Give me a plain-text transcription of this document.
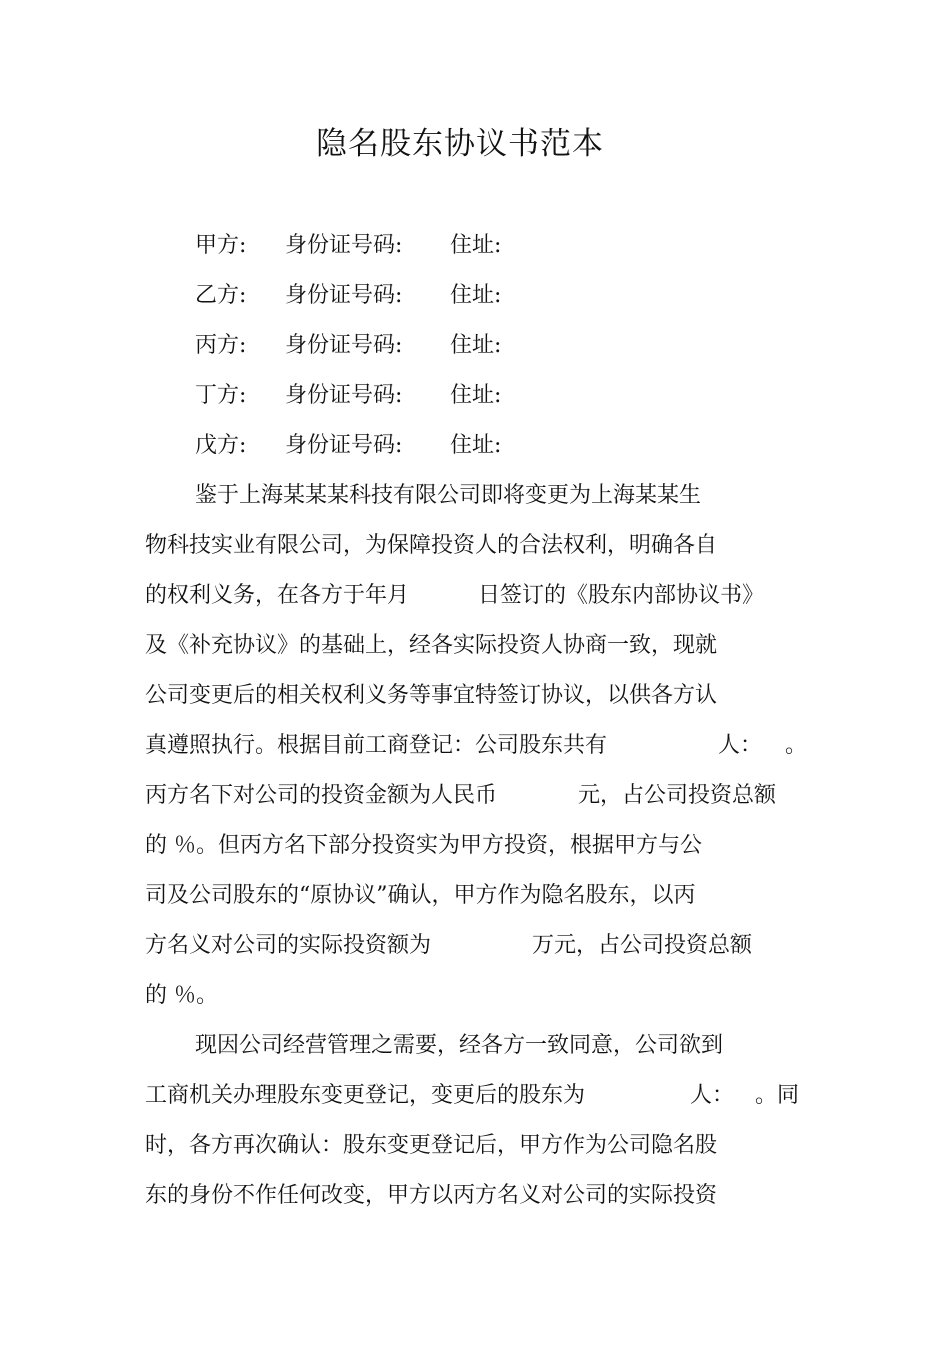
隐名股东协议书范本
甲方: 身份证号码: 住址:
乙方: 身份证号码: 住址:
丙方: 身份证号码: 住址:
丁方: 身份证号码: 住址:
戊方: 身份证号码: 住址:
鉴于上海某某某科技有限公司即将变更为上海某某生
物科技实业有限公司，为保障投资人的合法权利，明确各自
的权利义务，在各方于年月	日签订的《股东内部协议书》
及《补充协议》的基础上，经各实际投资人协商一致，现就
公司变更后的相关权利义务等事宜特签订协议，以供各方认
真遵照执行。根据目前工商登记：公司股东共有	人： 。
丙方名下对公司的投资金额为人民币	元，占公司投资总额
的 ％。但丙方名下部分投资实为甲方投资，根据甲方与公
司及公司股东的“原协议”确认，甲方作为隐名股东，以丙
方名义对公司的实际投资额为	万元，占公司投资总额
的 ％。
现因公司经营管理之需要，经各方一致同意，公司欲到
工商机关办理股东变更登记，变更后的股东为	人： 。同
时，各方再次确认：股东变更登记后，甲方作为公司隐名股
东的身份不作任何改变，甲方以丙方名义对公司的实际投资
